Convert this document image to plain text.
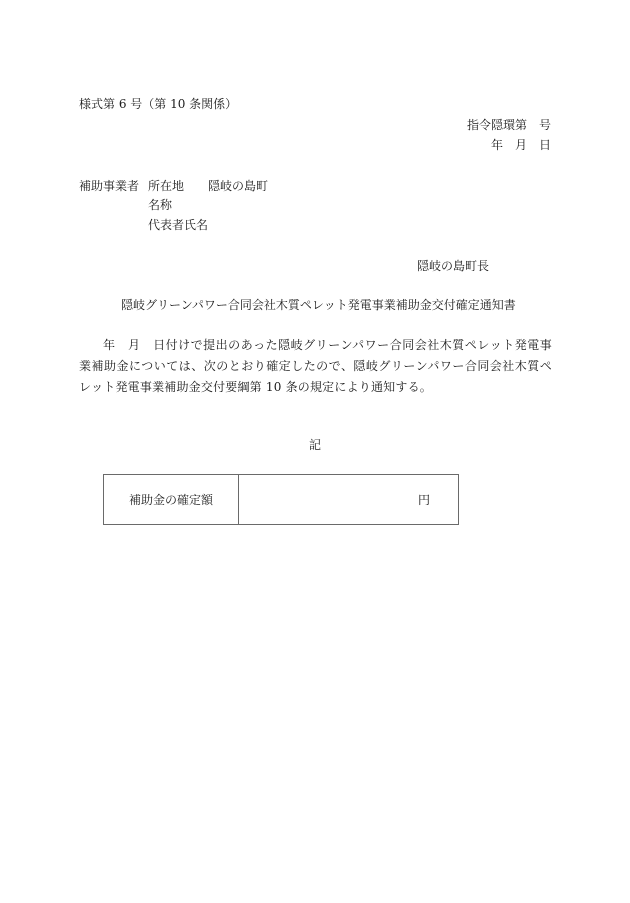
様式第 6 号（第 10 条関係）
指令隠環第　号
年　月　日
補助事業者 所在地 隠岐の島町
名称
代表者氏名
隠岐の島町長
隠岐グリーンパワー合同会社木質ペレット発電事業補助金交付確定通知書

年　月　日付けで提出のあった隠岐グリーンパワー合同会社木質ペレット発電事業補助金については、次のとおり確定したので、隠岐グリーンパワー合同会社木質ペレット発電事業補助金交付要綱第 10 条の規定により通知する。

記
補助金の確定額	円
